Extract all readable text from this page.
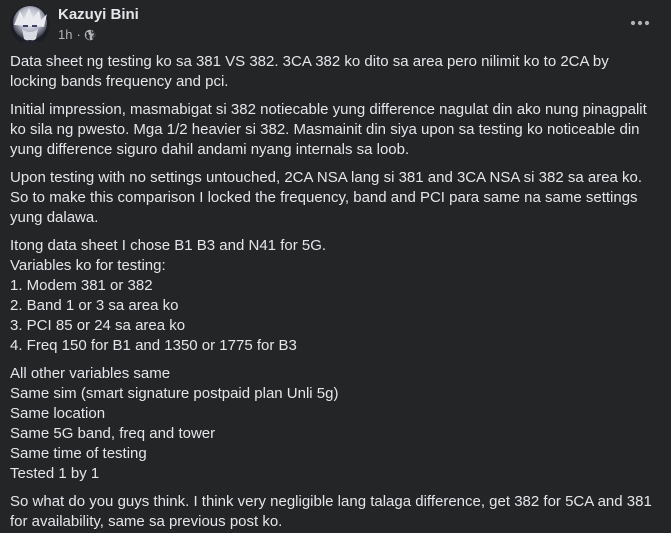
Kazuyi Bini
1h ·
Data sheet ng testing ko sa 381 VS 382. 3CA 382 ko dito sa area pero nilimit ko to 2CA by
locking bands frequency and pci.
Initial impression, masmabigat si 382 notiecable yung difference nagulat din ako nung pinagpalit
ko sila ng pwesto. Mga 1/2 heavier si 382. Masmainit din siya upon sa testing ko noticeable din
yung difference siguro dahil andami nyang internals sa loob.
Upon testing with no settings untouched, 2CA NSA lang si 381 and 3CA NSA si 382 sa area ko.
So to make this comparison I locked the frequency, band and PCI para same na same settings
yung dalawa.
Itong data sheet I chose B1 B3 and N41 for 5G.
Variables ko for testing:
1. Modem 381 or 382
2. Band 1 or 3 sa area ko
3. PCI 85 or 24 sa area ko
4. Freq 150 for B1 and 1350 or 1775 for B3
All other variables same
Same sim (smart signature postpaid plan Unli 5g)
Same location
Same 5G band, freq and tower
Same time of testing
Tested 1 by 1
So what do you guys think. I think very negligible lang talaga difference, get 382 for 5CA and 381
for availability, same sa previous post ko.
